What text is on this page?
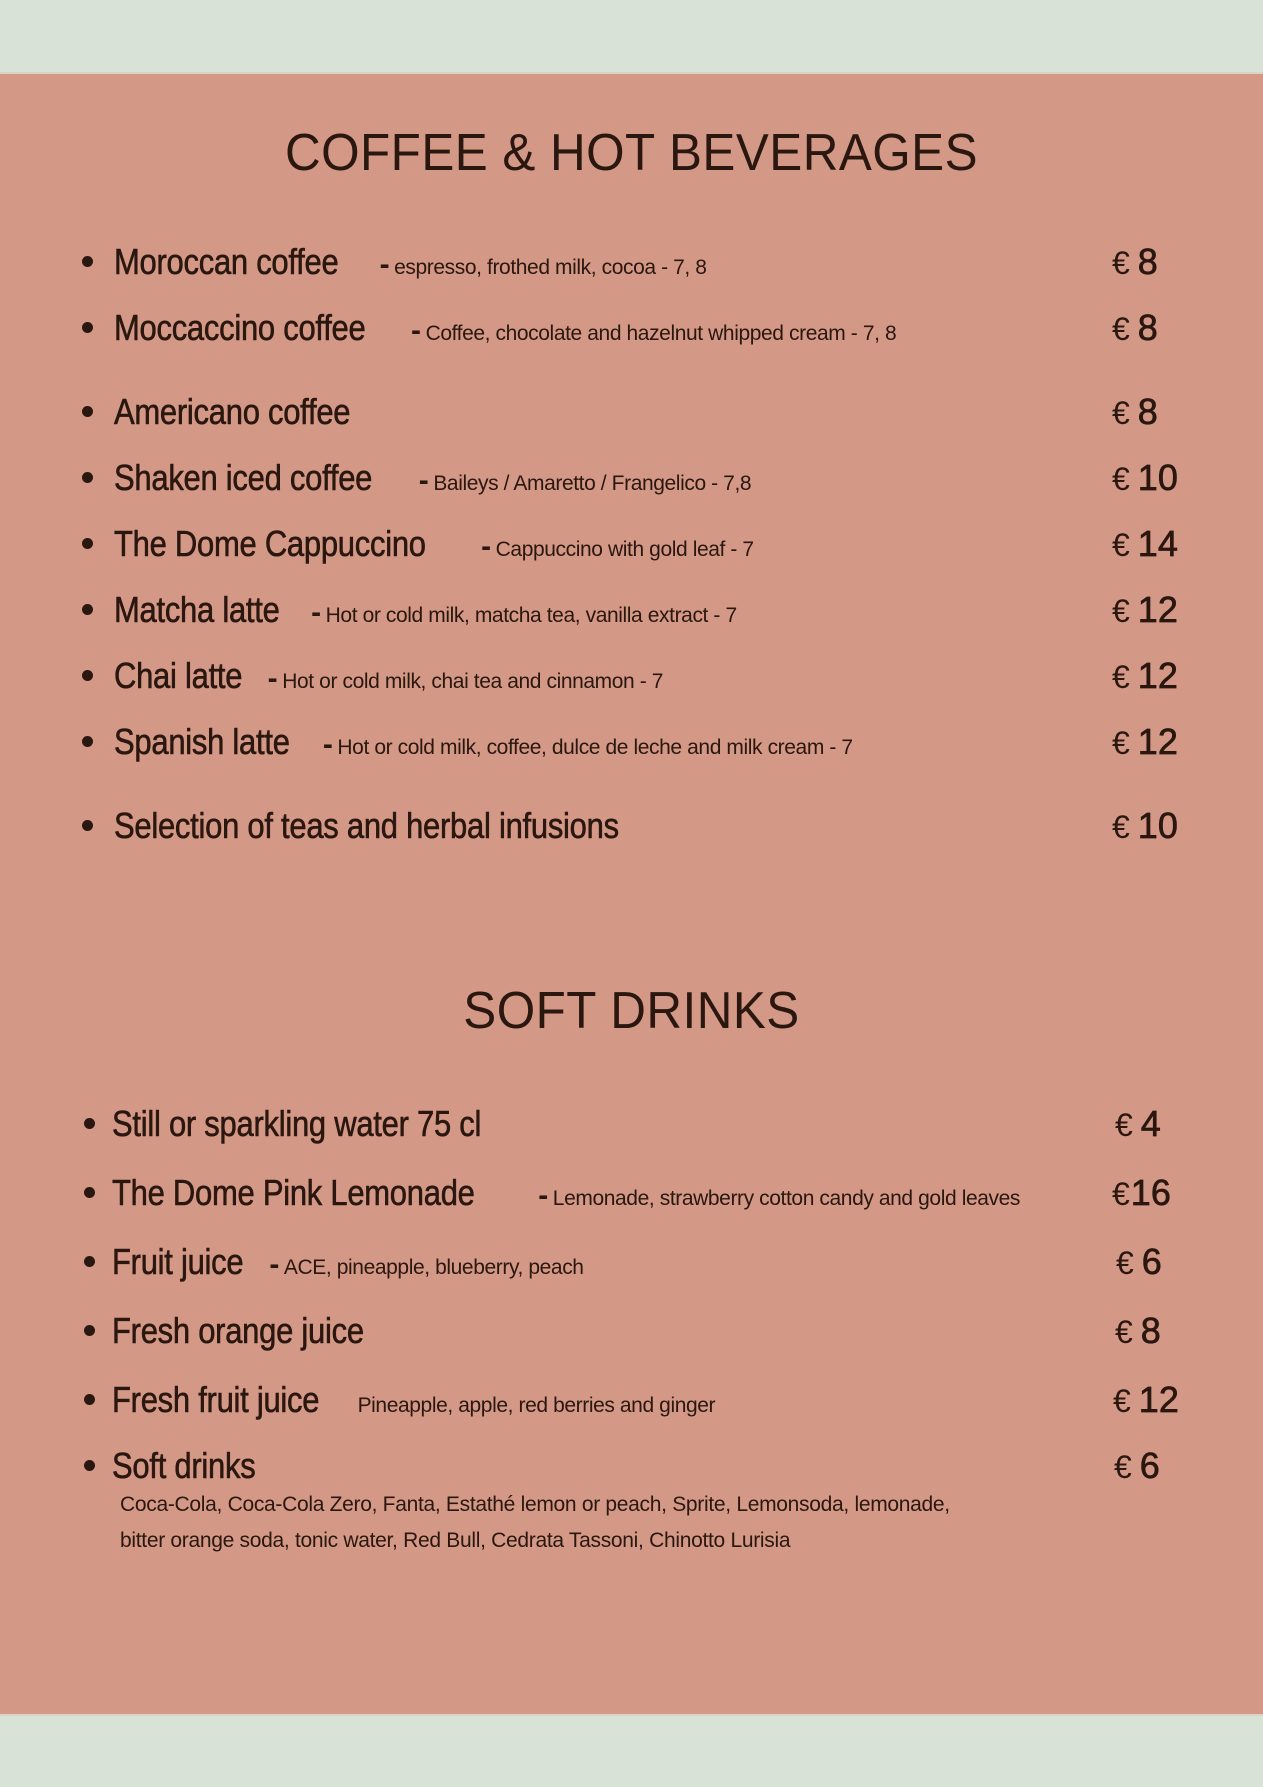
COFFEE & HOT BEVERAGES
Moroccan coffee - espresso, frothed milk, cocoa - 7, 8	€ 8
Moccaccino coffee - Coffee, chocolate and hazelnut whipped cream - 7, 8	€ 8
Americano coffee	€ 8
Shaken iced coffee - Baileys / Amaretto / Frangelico - 7,8	€ 10
The Dome Cappuccino - Cappuccino with gold leaf - 7	€ 14
Matcha latte - Hot or cold milk, matcha tea, vanilla extract - 7	€ 12
Chai latte - Hot or cold milk, chai tea and cinnamon - 7	€ 12
Spanish latte - Hot or cold milk, coffee, dulce de leche and milk cream - 7	€ 12
Selection of teas and herbal infusions	€ 10
SOFT DRINKS
Still or sparkling water 75 cl	€ 4
The Dome Pink Lemonade - Lemonade, strawberry cotton candy and gold leaves	€16
Fruit juice - ACE, pineapple, blueberry, peach	€ 6
Fresh orange juice	€ 8
Fresh fruit juice Pineapple, apple, red berries and ginger	€ 12
Soft drinks	€ 6
Coca-Cola, Coca-Cola Zero, Fanta, Estathé lemon or peach, Sprite, Lemonsoda, lemonade,
bitter orange soda, tonic water, Red Bull, Cedrata Tassoni, Chinotto Lurisia
